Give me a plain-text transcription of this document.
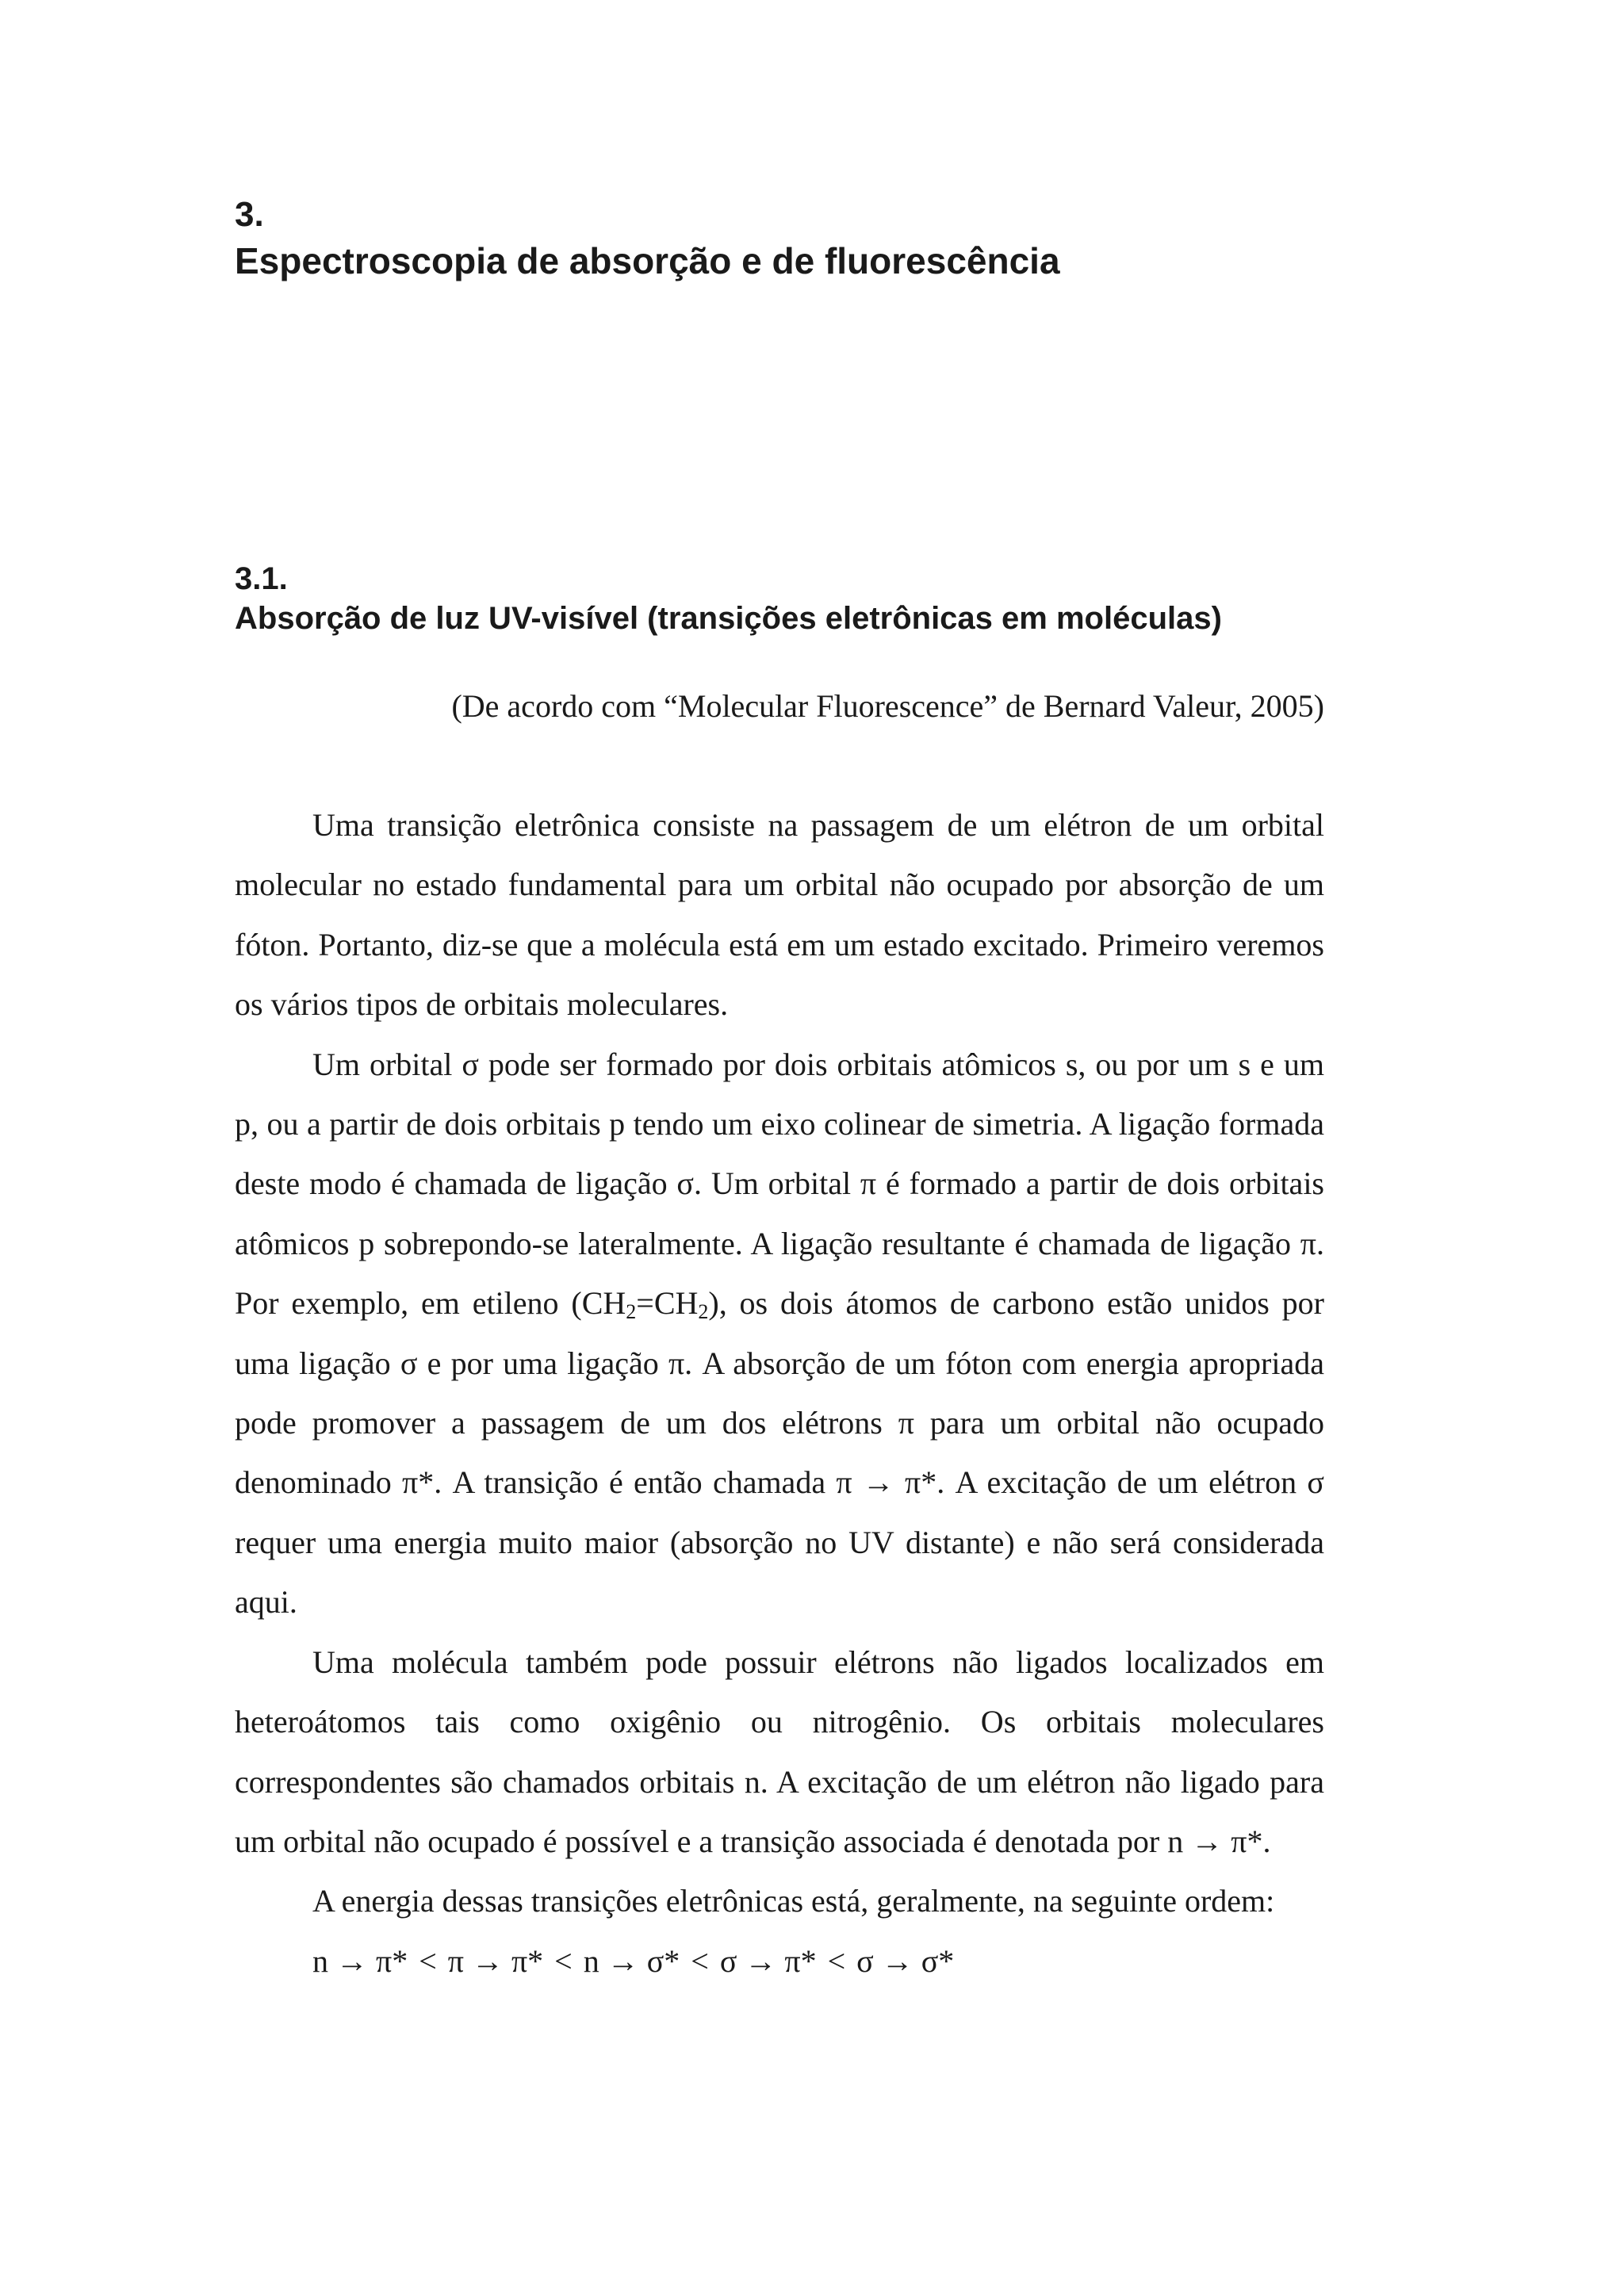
3.
Espectroscopia de absorção e de fluorescência
3.1.
Absorção de luz UV-visível (transições eletrônicas em moléculas)
(De acordo com “Molecular Fluorescence” de Bernard Valeur, 2005)

Uma transição eletrônica consiste na passagem de um elétron de um orbital molecular no estado fundamental para um orbital não ocupado por absorção de um fóton. Portanto, diz-se que a molécula está em um estado excitado. Primeiro veremos os vários tipos de orbitais moleculares.

Um orbital σ pode ser formado por dois orbitais atômicos s, ou por um s e um p, ou a partir de dois orbitais p tendo um eixo colinear de simetria. A ligação formada deste modo é chamada de ligação σ. Um orbital π é formado a partir de dois orbitais atômicos p sobrepondo-se lateralmente. A ligação resultante é chamada de ligação π. Por exemplo, em etileno $(CH_2=CH_2)$, os dois átomos de carbono estão unidos por uma ligação σ e por uma ligação π. A absorção de um fóton com energia apropriada pode promover a passagem de um dos elétrons π para um orbital não ocupado denominado π*. A transição é então chamada π → π*. A excitação de um elétron σ requer uma energia muito maior (absorção no UV distante) e não será considerada aqui.

Uma molécula também pode possuir elétrons não ligados localizados em heteroátomos tais como oxigênio ou nitrogênio. Os orbitais moleculares correspondentes são chamados orbitais n. A excitação de um elétron não ligado para um orbital não ocupado é possível e a transição associada é denotada por n → π*.

A energia dessas transições eletrônicas está, geralmente, na seguinte ordem:

n → π* < π → π* < n → σ* < σ → π* < σ → σ*
